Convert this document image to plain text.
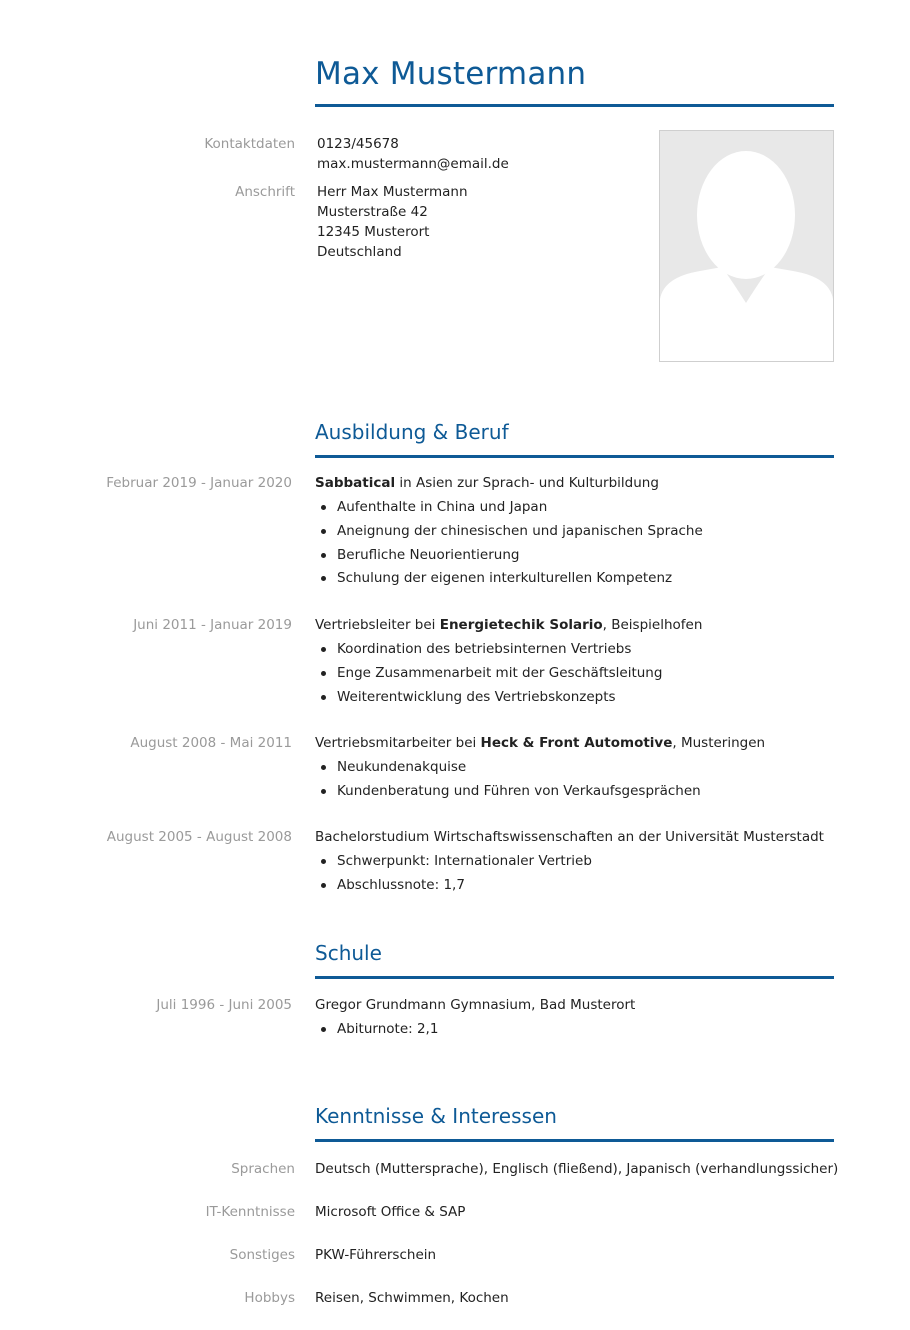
Max Mustermann
Kontaktdaten 0123/45678
max.mustermann@email.de
Anschrift Herr Max Mustermann
Musterstraße 42
12345 Musterort
Deutschland
Ausbildung & Beruf
Februar 2019 - Januar 2020 Sabbatical in Asien zur Sprach- und Kulturbildung
Aufenthalte in China und Japan
Aneignung der chinesischen und japanischen Sprache
Berufliche Neuorientierung
Schulung der eigenen interkulturellen Kompetenz
Juni 2011 - Januar 2019 Vertriebsleiter bei Energietechik Solario, Beispielhofen
Koordination des betriebsinternen Vertriebs
Enge Zusammenarbeit mit der Geschäftsleitung
Weiterentwicklung des Vertriebskonzepts
August 2008 - Mai 2011 Vertriebsmitarbeiter bei Heck & Front Automotive, Musteringen
Neukundenakquise
Kundenberatung und Führen von Verkaufsgesprächen
August 2005 - August 2008 Bachelorstudium Wirtschaftswissenschaften an der Universität Musterstadt
Schwerpunkt: Internationaler Vertrieb
Abschlussnote: 1,7
Schule
Juli 1996 - Juni 2005 Gregor Grundmann Gymnasium, Bad Musterort
Abiturnote: 2,1
Kenntnisse & Interessen
Sprachen Deutsch (Muttersprache), Englisch (fließend), Japanisch (verhandlungssicher)
IT-Kenntnisse Microsoft Office & SAP
Sonstiges PKW-Führerschein
Hobbys Reisen, Schwimmen, Kochen
